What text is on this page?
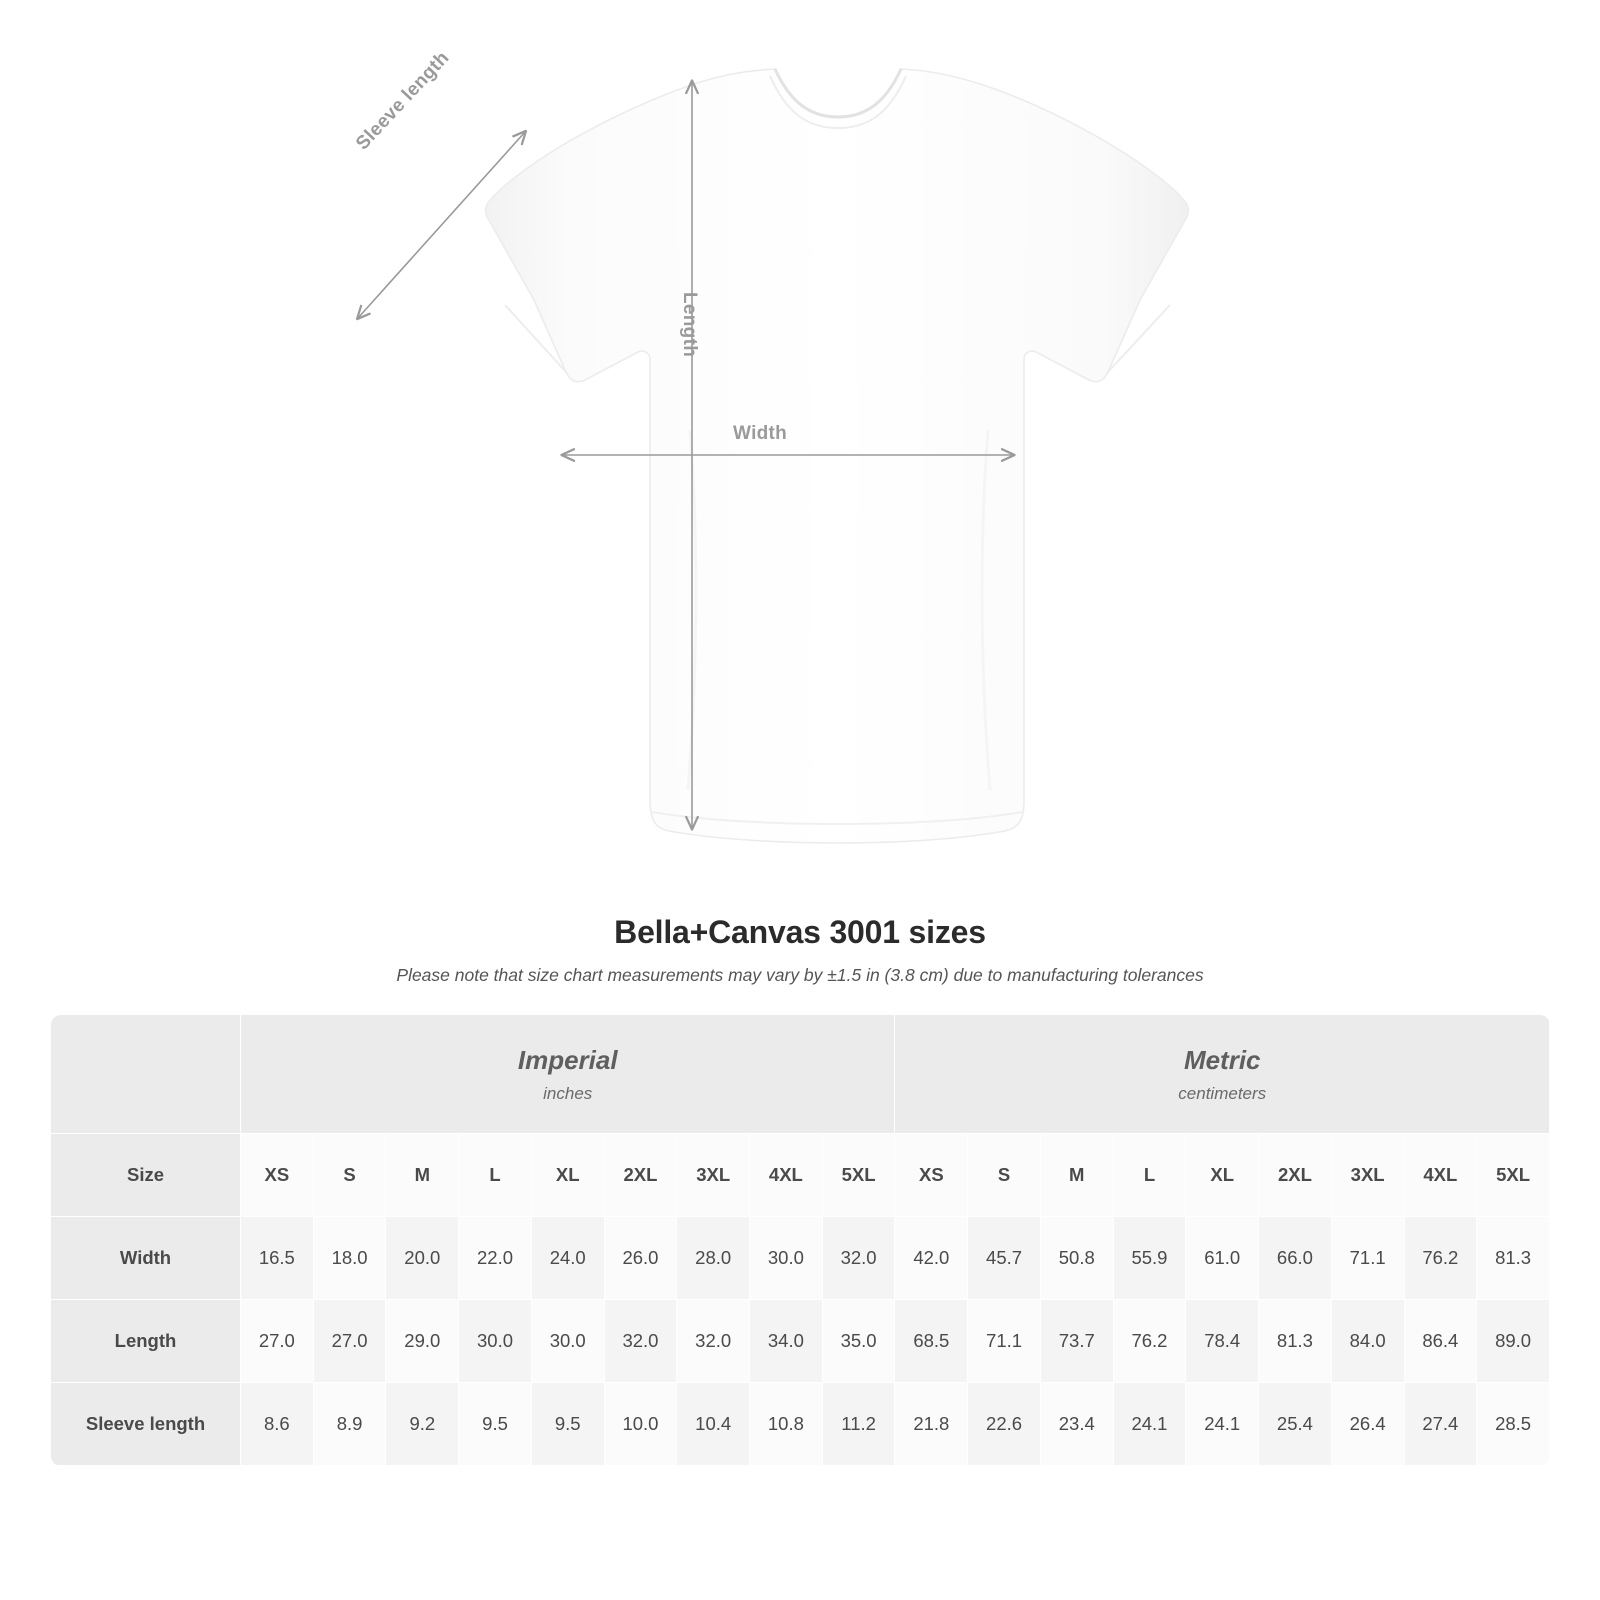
Sleeve length
Length
Width
Bella+Canvas 3001 sizes
Please note that size chart measurements may vary by ±1.5 in (3.8 cm) due to manufacturing tolerances

Imperial
inches

Metric
centimeters

Size	XS	S	M	L	XL	2XL	3XL	4XL	5XL	XS	S	M	L	XL	2XL	3XL	4XL	5XL
Width	16.5	18.0	20.0	22.0	24.0	26.0	28.0	30.0	32.0	42.0	45.7	50.8	55.9	61.0	66.0	71.1	76.2	81.3
Length	27.0	27.0	29.0	30.0	30.0	32.0	32.0	34.0	35.0	68.5	71.1	73.7	76.2	78.4	81.3	84.0	86.4	89.0
Sleeve length	8.6	8.9	9.2	9.5	9.5	10.0	10.4	10.8	11.2	21.8	22.6	23.4	24.1	24.1	25.4	26.4	27.4	28.5
